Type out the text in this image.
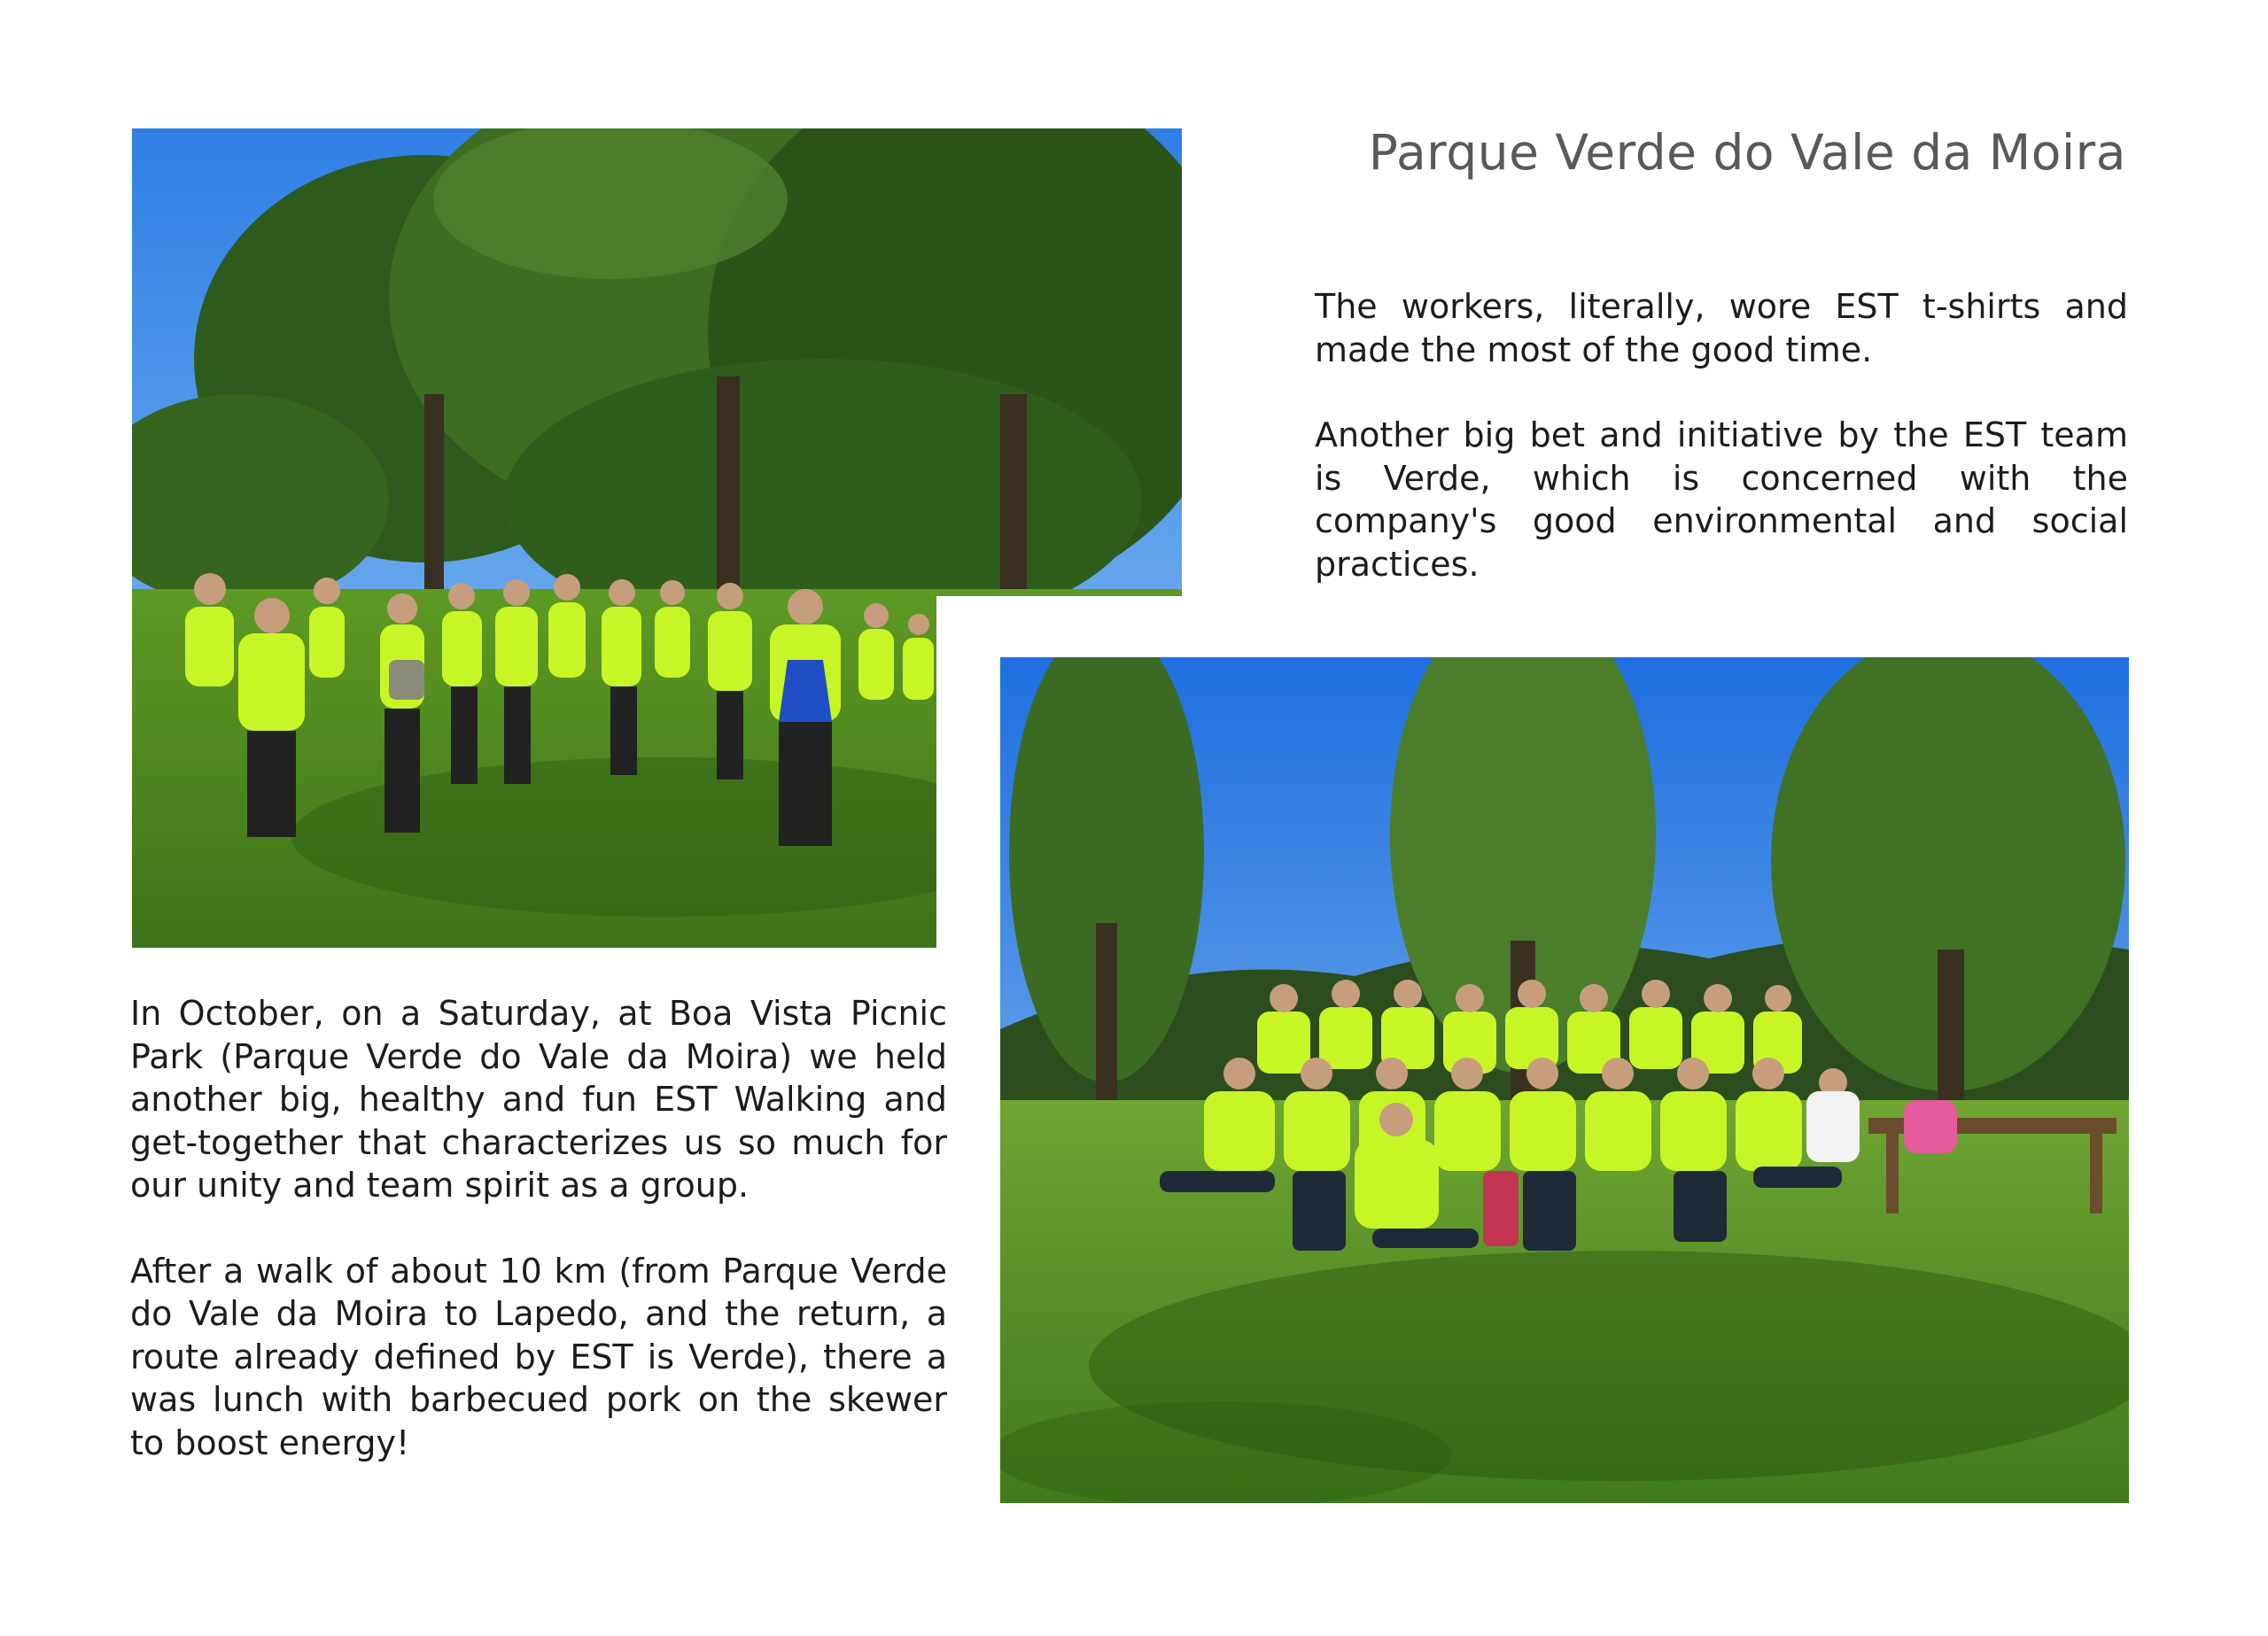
Parque Verde do Vale da Moira

The workers, literally, wore EST t-shirts and made the most of the good time.

Another big bet and initiative by the EST team is Verde, which is concerned with the company's good environmental and social practices.

In October, on a Saturday, at Boa Vista Picnic Park (Parque Verde do Vale da Moira) we held another big, healthy and fun EST Walking and get-together that characterizes us so much for our unity and team spirit as a group.

After a walk of about 10 km (from Parque Verde do Vale da Moira to Lapedo, and the return, a route already defined by EST is Verde), there a was lunch with barbecued pork on the skewer to boost energy!
